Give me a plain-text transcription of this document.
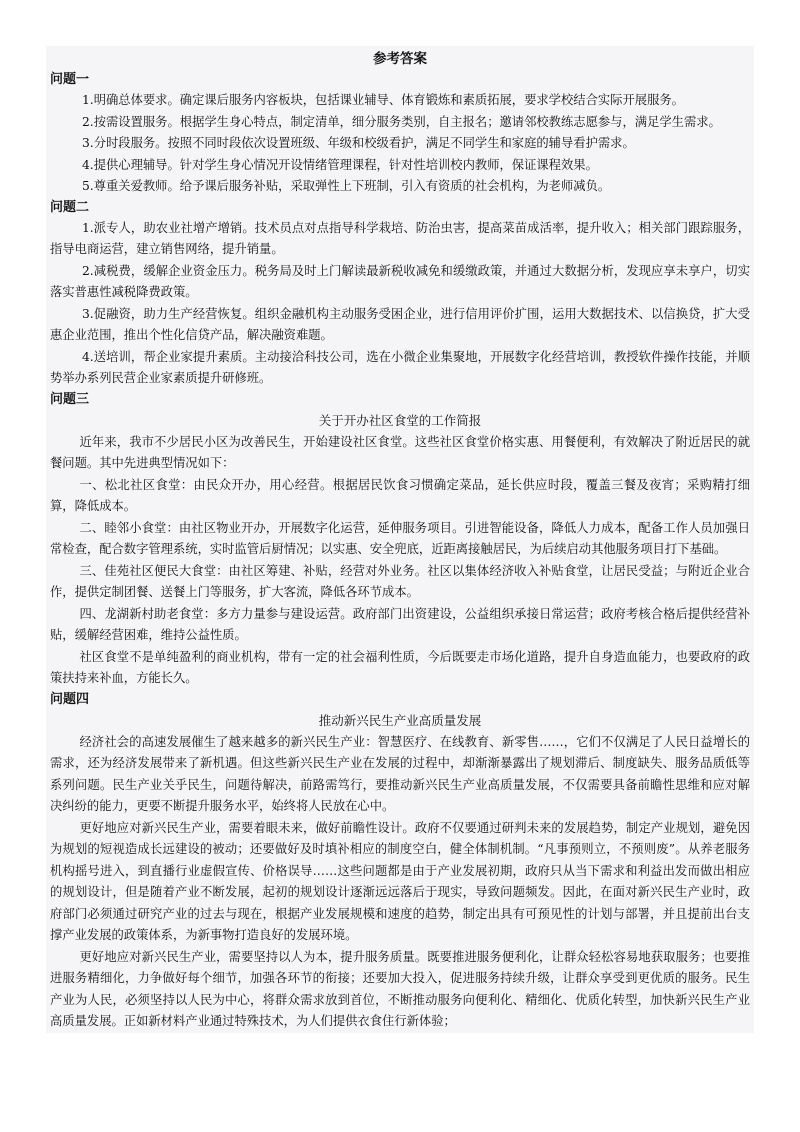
参考答案

问题一

1.明确总体要求。确定课后服务内容板块，包括课业辅导、体育锻炼和素质拓展，要求学校结合实际开展服务。

2.按需设置服务。根据学生身心特点，制定清单，细分服务类别，自主报名；邀请邻校教练志愿参与，满足学生需求。

3.分时段服务。按照不同时段依次设置班级、年级和校级看护，满足不同学生和家庭的辅导看护需求。

4.提供心理辅导。针对学生身心情况开设情绪管理课程，针对性培训校内教师，保证课程效果。

5.尊重关爱教师。给予课后服务补贴，采取弹性上下班制，引入有资质的社会机构，为老师减负。

问题二

1.派专人，助农业社增产增销。技术员点对点指导科学栽培、防治虫害，提高菜苗成活率，提升收入；相关部门跟踪服务，指导电商运营，建立销售网络，提升销量。

2.减税费，缓解企业资金压力。税务局及时上门解读最新税收减免和缓缴政策，并通过大数据分析，发现应享未享户，切实落实普惠性减税降费政策。

3.促融资，助力生产经营恢复。组织金融机构主动服务受困企业，进行信用评价扩围，运用大数据技术、以信换贷，扩大受惠企业范围，推出个性化信贷产品，解决融资难题。

4.送培训，帮企业家提升素质。主动接洽科技公司，选在小微企业集聚地，开展数字化经营培训，教授软件操作技能，并顺势举办系列民营企业家素质提升研修班。

问题三

关于开办社区食堂的工作简报

近年来，我市不少居民小区为改善民生，开始建设社区食堂。这些社区食堂价格实惠、用餐便利，有效解决了附近居民的就餐问题。其中先进典型情况如下：

一、松北社区食堂：由民众开办，用心经营。根据居民饮食习惯确定菜品，延长供应时段，覆盖三餐及夜宵；采购精打细算，降低成本。

二、睦邻小食堂：由社区物业开办，开展数字化运营，延伸服务项目。引进智能设备，降低人力成本，配备工作人员加强日常检查，配合数字管理系统，实时监管后厨情况；以实惠、安全兜底，近距离接触居民，为后续启动其他服务项目打下基础。

三、佳苑社区便民大食堂：由社区筹建、补贴，经营对外业务。社区以集体经济收入补贴食堂，让居民受益；与附近企业合作，提供定制团餐、送餐上门等服务，扩大客流，降低各环节成本。

四、龙湖新村助老食堂：多方力量参与建设运营。政府部门出资建设，公益组织承接日常运营；政府考核合格后提供经营补贴，缓解经营困难，维持公益性质。

社区食堂不是单纯盈利的商业机构，带有一定的社会福利性质，今后既要走市场化道路，提升自身造血能力，也要政府的政策扶持来补血，方能长久。

问题四

推动新兴民生产业高质量发展

经济社会的高速发展催生了越来越多的新兴民生产业：智慧医疗、在线教育、新零售……，它们不仅满足了人民日益增长的需求，还为经济发展带来了新机遇。但这些新兴民生产业在发展的过程中，却渐渐暴露出了规划滞后、制度缺失、服务品质低等系列问题。民生产业关乎民生，问题待解决，前路需笃行，要推动新兴民生产业高质量发展，不仅需要具备前瞻性思维和应对解决纠纷的能力，更要不断提升服务水平，始终将人民放在心中。

更好地应对新兴民生产业，需要着眼未来，做好前瞻性设计。政府不仅要通过研判未来的发展趋势，制定产业规划，避免因为规划的短视造成长远建设的被动；还要做好及时填补相应的制度空白，健全体制机制。“凡事预则立，不预则废”。从养老服务机构摇号进入，到直播行业虚假宣传、价格误导……这些问题都是由于产业发展初期，政府只从当下需求和利益出发而做出相应的规划设计，但是随着产业不断发展，起初的规划设计逐渐远远落后于现实，导致问题频发。因此，在面对新兴民生产业时，政府部门必须通过研究产业的过去与现在，根据产业发展规模和速度的趋势，制定出具有可预见性的计划与部署，并且提前出台支撑产业发展的政策体系，为新事物打造良好的发展环境。

更好地应对新兴民生产业，需要坚持以人为本，提升服务质量。既要推进服务便利化，让群众轻松容易地获取服务；也要推进服务精细化，力争做好每个细节，加强各环节的衔接；还要加大投入，促进服务持续升级，让群众享受到更优质的服务。民生产业为人民，必须坚持以人民为中心，将群众需求放到首位，不断推动服务向便利化、精细化、优质化转型，加快新兴民生产业高质量发展。正如新材料产业通过特殊技术，为人们提供衣食住行新体验；
